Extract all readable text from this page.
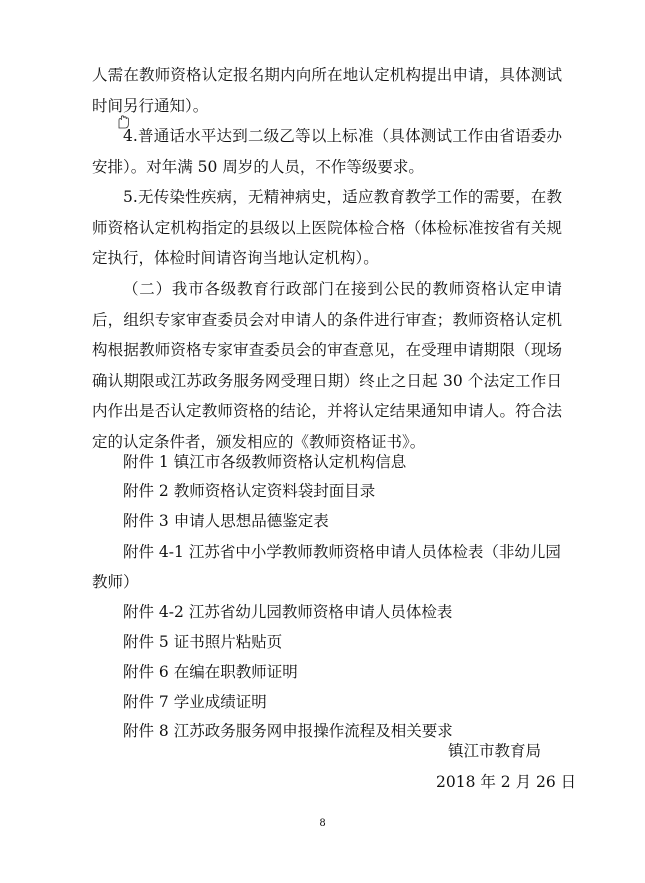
人需在教师资格认定报名期内向所在地认定机构提出申请，具体测试时间另行通知）。

4.普通话水平达到二级乙等以上标准（具体测试工作由省语委办安排）。对年满 50 周岁的人员，不作等级要求。

5.无传染性疾病，无精神病史，适应教育教学工作的需要，在教师资格认定机构指定的县级以上医院体检合格（体检标准按省有关规定执行，体检时间请咨询当地认定机构）。

（二）我市各级教育行政部门在接到公民的教师资格认定申请后，组织专家审查委员会对申请人的条件进行审查；教师资格认定机构根据教师资格专家审查委员会的审查意见，在受理申请期限（现场确认期限或江苏政务服务网受理日期）终止之日起 30 个法定工作日内作出是否认定教师资格的结论，并将认定结果通知申请人。符合法定的认定条件者，颁发相应的《教师资格证书》。

附件 1 镇江市各级教师资格认定机构信息

附件 2 教师资格认定资料袋封面目录

附件 3 申请人思想品德鉴定表

附件 4-1 江苏省中小学教师教师资格申请人员体检表（非幼儿园教师）

附件 4-2 江苏省幼儿园教师资格申请人员体检表

附件 5 证书照片粘贴页

附件 6 在编在职教师证明

附件 7 学业成绩证明

附件 8 江苏政务服务网申报操作流程及相关要求

镇江市教育局

2018 年 2 月 26 日

8
